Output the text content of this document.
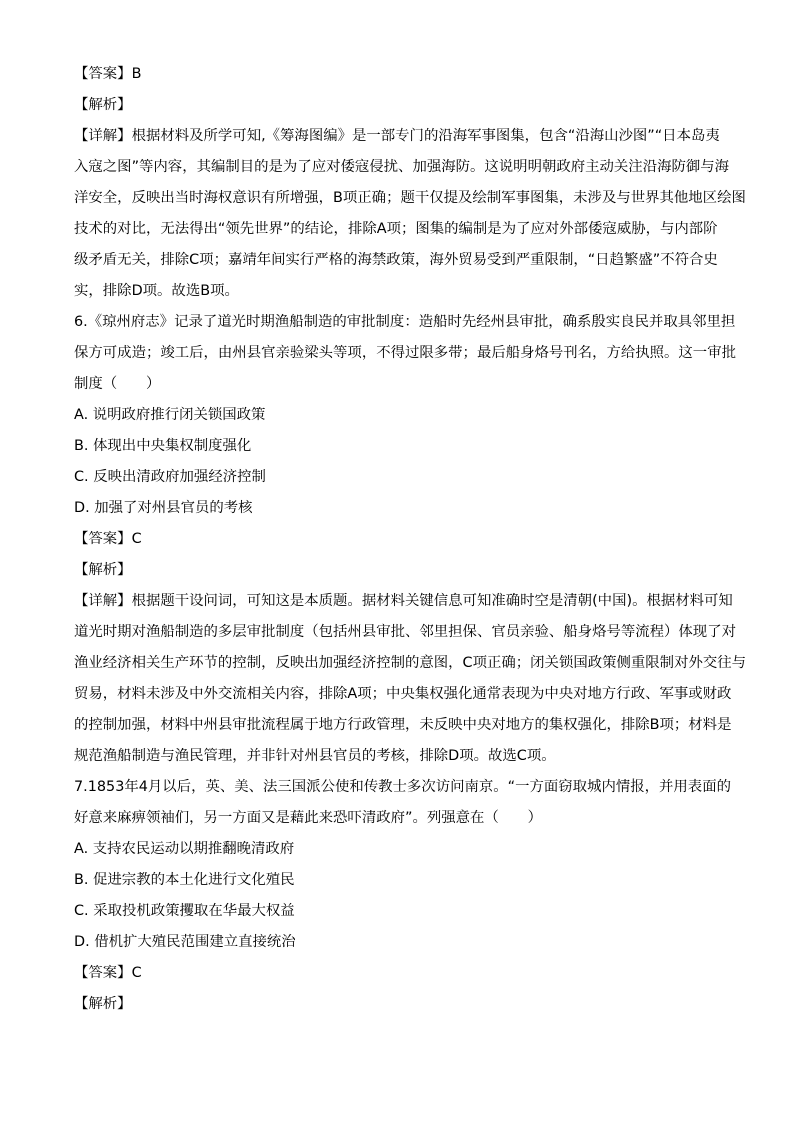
【答案】B
【解析】
【详解】根据材料及所学可知,《筹海图编》是一部专门的沿海军事图集，包含“沿海山沙图”“日本岛夷
入寇之图”等内容，其编制目的是为了应对倭寇侵扰、加强海防。这说明明朝政府主动关注沿海防御与海
洋安全，反映出当时海权意识有所增强，B项正确；题干仅提及绘制军事图集，未涉及与世界其他地区绘图
技术的对比，无法得出“领先世界”的结论，排除A项；图集的编制是为了应对外部倭寇威胁，与内部阶
级矛盾无关，排除C项；嘉靖年间实行严格的海禁政策，海外贸易受到严重限制，“日趋繁盛”不符合史
实，排除D项。故选B项。
6.《琼州府志》记录了道光时期渔船制造的审批制度：造船时先经州县审批，确系殷实良民并取具邻里担
保方可成造；竣工后，由州县官亲验梁头等项，不得过限多带；最后船身烙号刊名，方给执照。这一审批
制度（　　）
A. 说明政府推行闭关锁国政策
B. 体现出中央集权制度强化
C. 反映出清政府加强经济控制
D. 加强了对州县官员的考核
【答案】C
【解析】
【详解】根据题干设问词，可知这是本质题。据材料关键信息可知准确时空是清朝(中国)。根据材料可知
道光时期对渔船制造的多层审批制度（包括州县审批、邻里担保、官员亲验、船身烙号等流程）体现了对
渔业经济相关生产环节的控制，反映出加强经济控制的意图，C项正确；闭关锁国政策侧重限制对外交往与
贸易，材料未涉及中外交流相关内容，排除A项；中央集权强化通常表现为中央对地方行政、军事或财政
的控制加强，材料中州县审批流程属于地方行政管理，未反映中央对地方的集权强化，排除B项；材料是
规范渔船制造与渔民管理，并非针对州县官员的考核，排除D项。故选C项。
7.1853年4月以后，英、美、法三国派公使和传教士多次访问南京。“一方面窃取城内情报，并用表面的
好意来麻痹领袖们，另一方面又是藉此来恐吓清政府”。列强意在（　　）
A. 支持农民运动以期推翻晚清政府
B. 促进宗教的本土化进行文化殖民
C. 采取投机政策攫取在华最大权益
D. 借机扩大殖民范围建立直接统治
【答案】C
【解析】
